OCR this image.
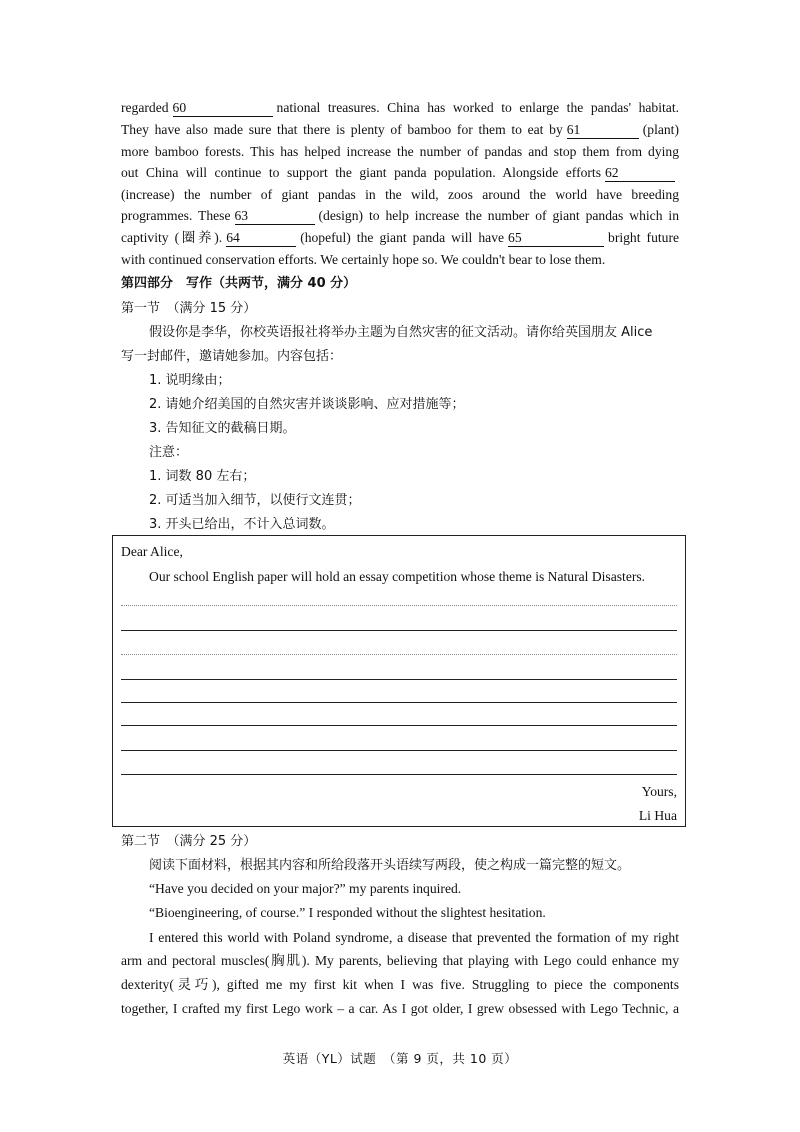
regarded 60	national treasures. China has worked to enlarge the pandas' habitat.
They have also made sure that there is plenty of bamboo for them to eat by 61	(plant)
more bamboo forests. This has helped increase the number of pandas and stop them from dying
out China will continue to support the giant panda population. Alongside efforts 62
(increase) the number of giant pandas in the wild, zoos around the world have breeding
programmes. These 63	(design) to help increase the number of giant pandas which in
captivity (圈养). 64	(hopeful) the giant panda will have 65	bright future
with continued conservation efforts. We certainly hope so. We couldn't bear to lose them.
第四部分　写作（共两节，满分 40 分）
第一节　（满分 15 分）
假设你是李华，你校英语报社将举办主题为自然灾害的征文活动。请你给英国朋友 Alice
写一封邮件，邀请她参加。内容包括：
1. 说明缘由；
2. 请她介绍美国的自然灾害并谈谈影响、应对措施等；
3. 告知征文的截稿日期。
注意：
1. 词数 80 左右；
2. 可适当加入细节，以使行文连贯；
3. 开头已给出，不计入总词数。
Dear Alice,
Our school English paper will hold an essay competition whose theme is Natural Disasters.
Yours,
Li Hua
第二节　（满分 25 分）
阅读下面材料，根据其内容和所给段落开头语续写两段，使之构成一篇完整的短文。
“Have you decided on your major?” my parents inquired.
“Bioengineering, of course.” I responded without the slightest hesitation.
I entered this world with Poland syndrome, a disease that prevented the formation of my right
arm and pectoral muscles(胸肌). My parents, believing that playing with Lego could enhance my
dexterity(灵巧), gifted me my first kit when I was five. Struggling to piece the components
together, I crafted my first Lego work – a car. As I got older, I grew obsessed with Lego Technic, a
英语（YL）试题　（第 9 页，共 10 页）
